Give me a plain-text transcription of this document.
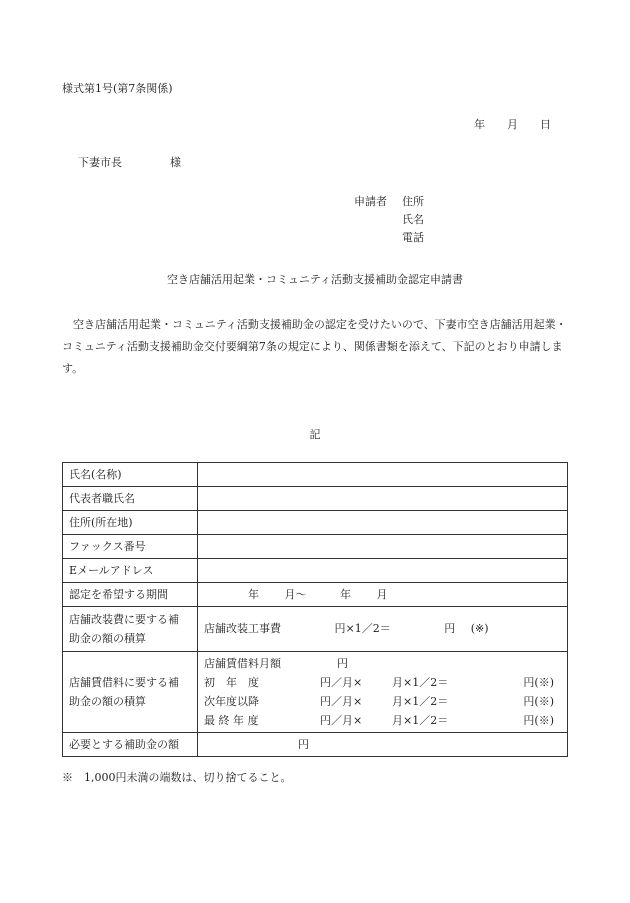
様式第1号(第7条関係)
年 月 日
下妻市長	様
申請者 住所
氏名
電話
空き店舗活用起業・コミュニティ活動支援補助金認定申請書
空き店舗活用起業・コミュニティ活動支援補助金の認定を受けたいので、下妻市空き店舗活用起業・コミュニティ活動支援補助金交付要綱第7条の規定により、関係書類を添えて、下記のとおり申請します。
記
氏名(名称)	
代表者職氏名	
住所(所在地)	
ファックス番号	
Eメールアドレス	
認定を希望する期間	年 月〜 年 月

店舗改装費に要する補
助金の額の積算	店舗改装工事費 円×1／2＝ 円 (※)

店舗賃借料に要する補
助金の額の積算	店舗賃借料月額 円
初　年　度 円／月× 月×1／2＝ 円(※)
次年度以降 円／月× 月×1／2＝ 円(※)
最 終 年 度 円／月× 月×1／2＝ 円(※)

必要とする補助金の額	円
※　1,000円未満の端数は、切り捨てること。
